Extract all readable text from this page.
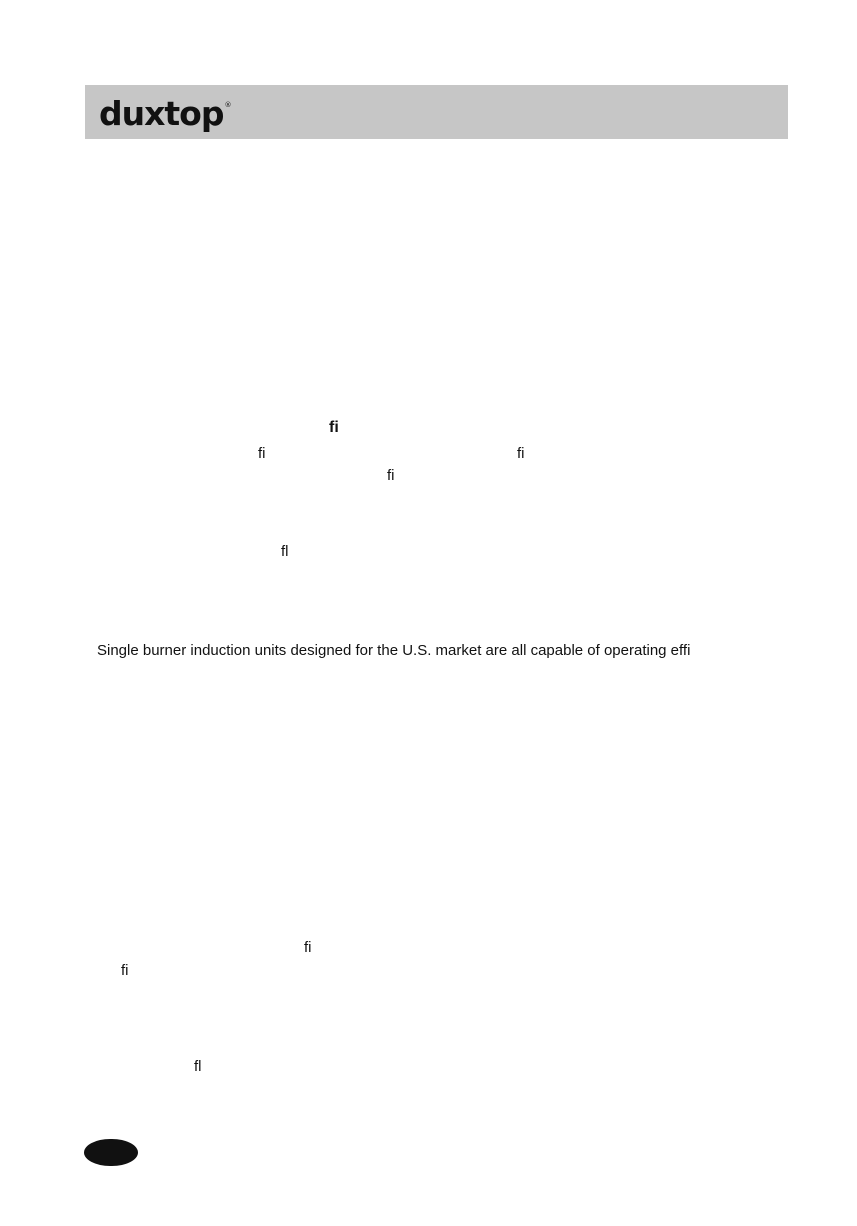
duxtop ®
fi
fi	fi
fi
fl
Single burner induction units designed for the U.S. market are all capable of operating effi
fi
fi
fl
